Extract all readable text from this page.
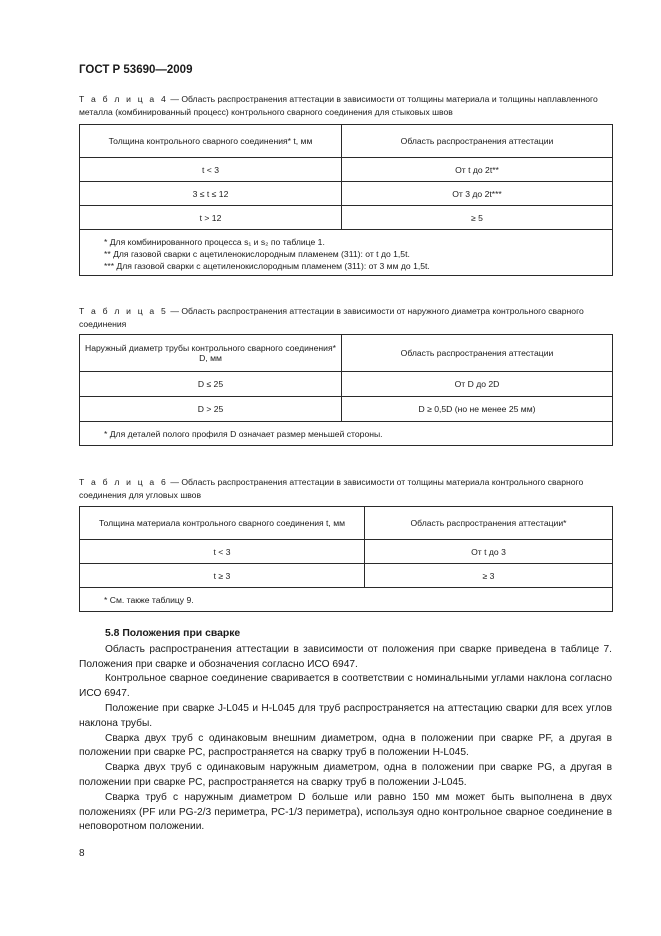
ГОСТ Р 53690—2009
Т а б л и ц а 4 — Область распространения аттестации в зависимости от толщины материала и толщины наплавленного металла (комбинированный процесс) контрольного сварного соединения для стыковых швов
Толщина контрольного сварного соединения* t, мм	Область распространения аттестации
t < 3	От t до 2t**
3 ≤ t ≤ 12	От 3 до 2t***
t > 12	≥ 5

* Для комбинированного процесса s₁ и s₂ по таблице 1.
** Для газовой сварки с ацетиленокислородным пламенем (311): от t до 1,5t.
*** Для газовой сварки с ацетиленокислородным пламенем (311): от 3 мм до 1,5t.	
Т а б л и ц а 5 — Область распространения аттестации в зависимости от наружного диаметра контрольного сварного соединения
Наружный диаметр трубы контрольного сварного соединения* D, мм	Область распространения аттестации
D ≤ 25	От D до 2D
D > 25	D ≥ 0,5D (но не менее 25 мм)

* Для деталей полого профиля D означает размер меньшей стороны.	
Т а б л и ц а 6 — Область распространения аттестации в зависимости от толщины материала контрольного сварного соединения для угловых швов
Толщина материала контрольного сварного соединения t, мм	Область распространения аттестации*
t < 3	От t до 3
t ≥ 3	≥ 3

* См. также таблицу 9.	
5.8 Положения при сварке

Область распространения аттестации в зависимости от положения при сварке приведена в таблице 7. Положения при сварке и обозначения согласно ИСО 6947.

Контрольное сварное соединение сваривается в соответствии с номинальными углами наклона согласно ИСО 6947.

Положение при сварке J-L045 и H-L045 для труб распространяется на аттестацию сварки для всех углов наклона трубы.

Сварка двух труб с одинаковым внешним диаметром, одна в положении при сварке PF, а другая в положении при сварке PC, распространяется на сварку труб в положении H-L045.

Сварка двух труб с одинаковым наружным диаметром, одна в положении при сварке PG, а другая в положении при сварке PC, распространяется на сварку труб в положении J-L045.

Сварка труб с наружным диаметром D больше или равно 150 мм может быть выполнена в двух положениях (PF или PG-2/3 периметра, PC-1/3 периметра), используя одно контрольное сварное соединение в неповоротном положении.

8
